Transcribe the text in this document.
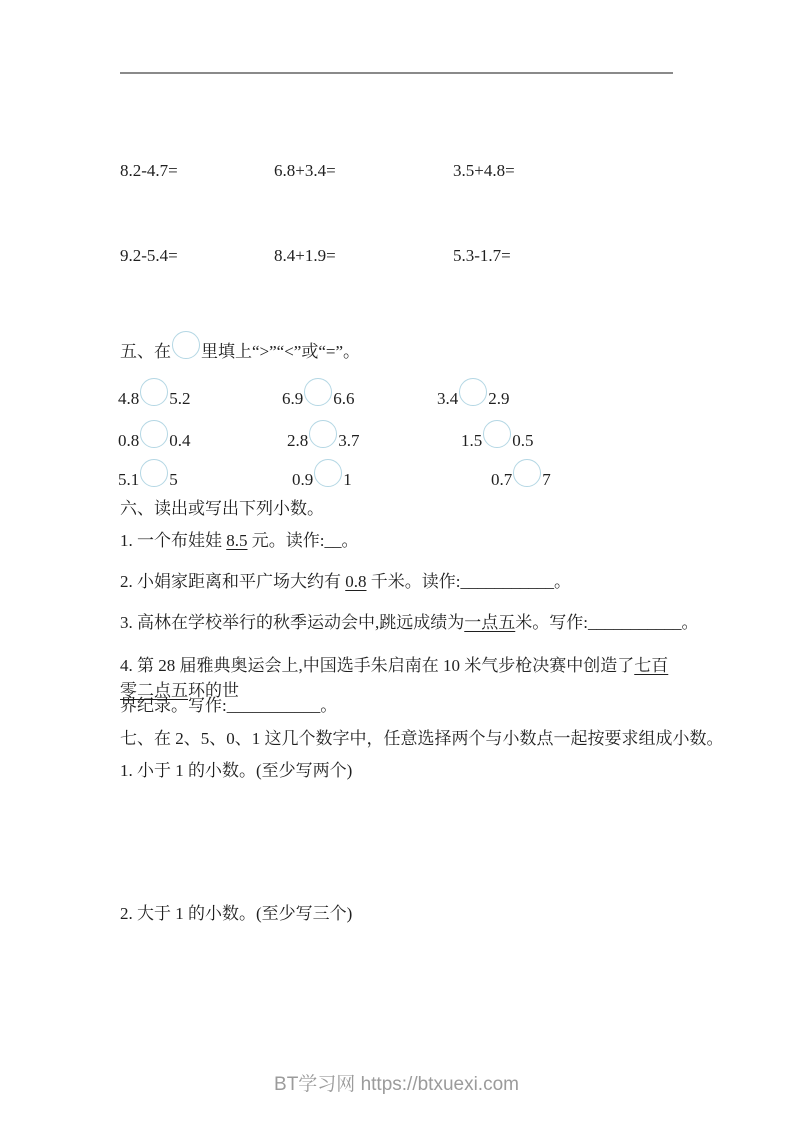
8.2-4.7=	6.8+3.4=	3.5+4.8=
9.2-5.4=	8.4+1.9=	5.3-1.7=
五、在 里填上“>”“<”或“=”。
4.8 5.2	6.9 6.6	3.4 2.9
0.8 0.4	2.8 3.7	1.5 0.5
5.1 5	0.9 1	0.7 7
六、读出或写出下列小数。
1. 一个布娃娃 8.5 元。读作:__。
2. 小娟家距离和平广场大约有 0.8 千米。读作:___________。
3. 高林在学校举行的秋季运动会中,跳远成绩为一点五米。写作:___________。
4. 第 28 届雅典奥运会上,中国选手朱启南在 10 米气步枪决赛中创造了七百零二点五环的世
界纪录。写作:___________。
七、在 2、5、0、1 这几个数字中，任意选择两个与小数点一起按要求组成小数。
1. 小于 1 的小数。(至少写两个)
2. 大于 1 的小数。(至少写三个)
BT学习网 https://btxuexi.com
